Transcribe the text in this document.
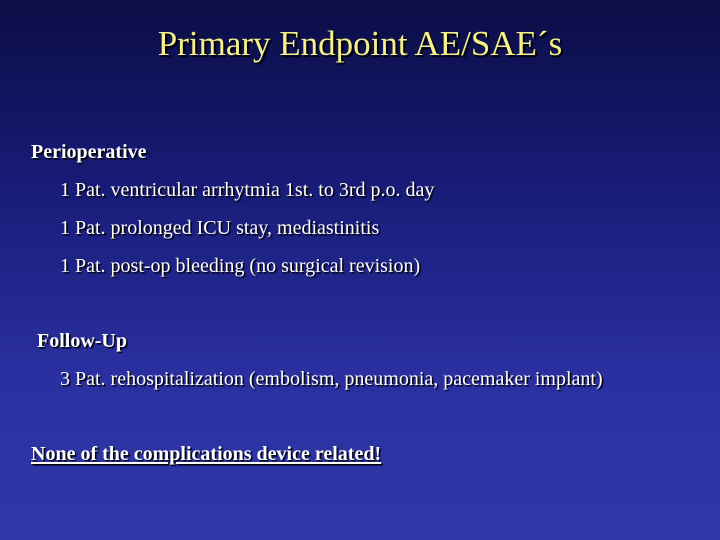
Primary Endpoint AE/SAE´s
Perioperative
1 Pat. ventricular arrhytmia 1st. to 3rd p.o. day
1 Pat. prolonged ICU stay, mediastinitis
1 Pat. post-op bleeding (no surgical revision)
Follow-Up
3 Pat. rehospitalization (embolism, pneumonia, pacemaker implant)
None of the complications device related!
